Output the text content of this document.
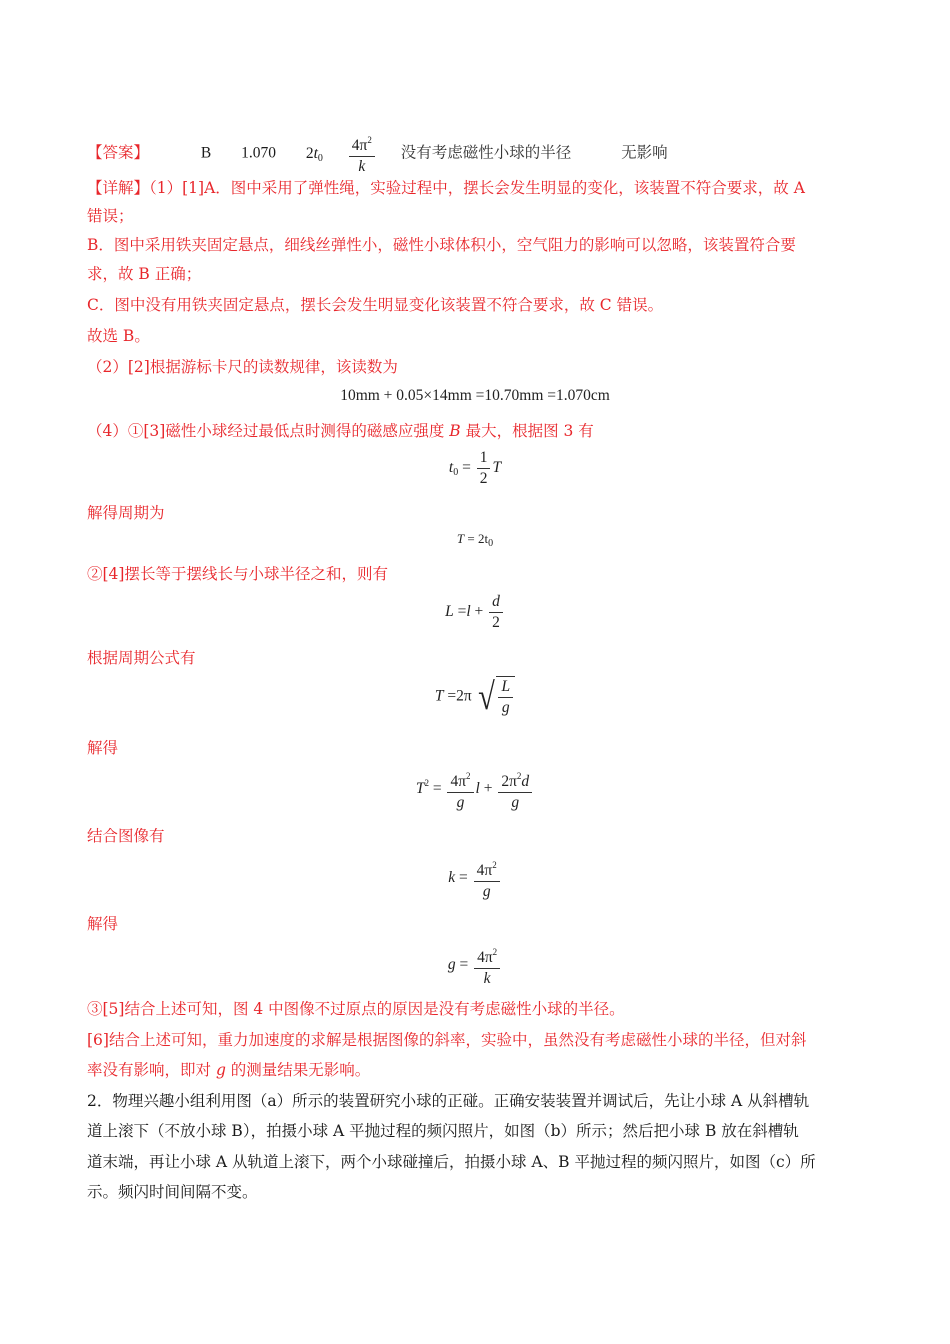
【答案】	B 1.070 $2t_0 \frac{4\pi^2}{k}$ 没有考虑磁性小球的半径	无影响
【详解】（1）[1]A．图中采用了弹性绳，实验过程中，摆长会发生明显的变化，该装置不符合要求，故 A
错误；
B．图中采用铁夹固定悬点，细线丝弹性小，磁性小球体积小，空气阻力的影响可以忽略，该装置符合要
求，故 B 正确；
C．图中没有用铁夹固定悬点，摆长会发生明显变化该装置不符合要求，故 C 错误。
故选 B。
（2）[2]根据游标卡尺的读数规律，该读数为
10mm + 0.05×14mm =10.70mm =1.070cm
（4）①[3]磁性小球经过最低点时测得的磁感应强度 B 最大，根据图 3 有
$t_0 = \frac{1}{2}$ T
解得周期为
$T = 2t_0$
②[4]摆长等于摆线长与小球半径之和，则有
$L =l + \frac{d}{2}$
根据周期公式有
T =2π √ $\frac{L}{g}$
解得
$T^2 = \frac{4\pi^2}{g}$ $l + \frac{2\pi^2d}{g}$
结合图像有
$k = \frac{4\pi^2}{g}$
解得
$g = \frac{4\pi^2}{k}$
③[5]结合上述可知，图 4 中图像不过原点的原因是没有考虑磁性小球的半径。
[6]结合上述可知，重力加速度的求解是根据图像的斜率，实验中，虽然没有考虑磁性小球的半径，但对斜
率没有影响，即对 g 的测量结果无影响。
2．物理兴趣小组利用图（a）所示的装置研究小球的正碰。正确安装装置并调试后，先让小球 A 从斜槽轨
道上滚下（不放小球 B），拍摄小球 A 平抛过程的频闪照片，如图（b）所示；然后把小球 B 放在斜槽轨
道末端，再让小球 A 从轨道上滚下，两个小球碰撞后，拍摄小球 A、B 平抛过程的频闪照片，如图（c）所
示。频闪时间间隔不变。
